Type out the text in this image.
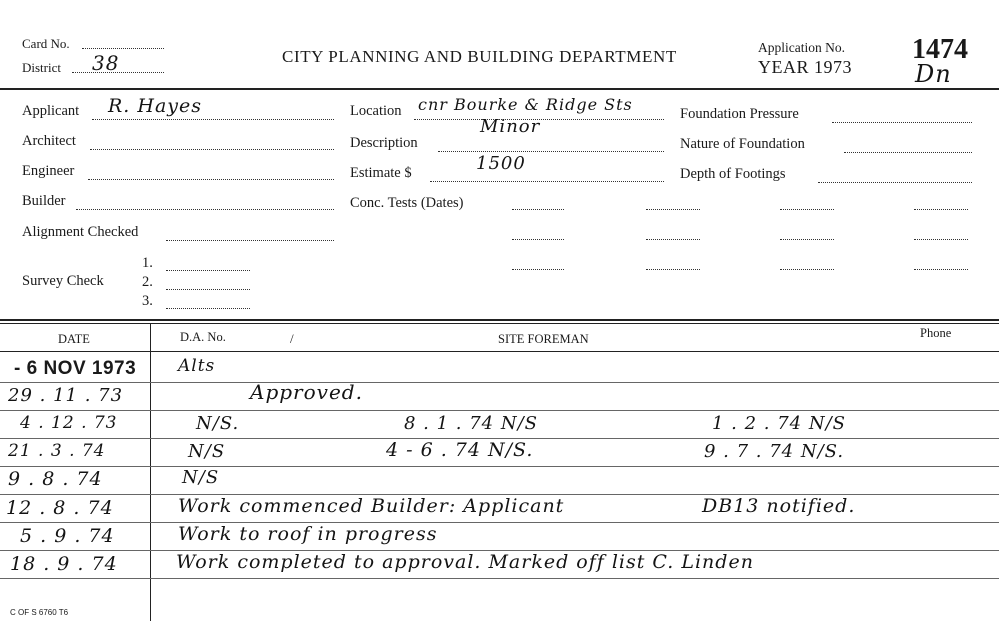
Card No.
District 38	CITY PLANNING AND BUILDING DEPARTMENT	Application No.
YEAR 1973
1474
Dn
Applicant R. Hayes
Architect
Engineer
Builder
Alignment Checked
Survey Check
1.
2.
3.
Location cnr Bourke & Ridge Sts
Description
Minor
Estimate $	1500
Conc. Tests (Dates)
Foundation Pressure
Nature of Foundation
Depth of Footings
DATE	D.A. No.	/	SITE FOREMAN	Phone
- 6 NOV 1973 Alts
29 . 11 . 73	Approved.
4 . 12 . 73	N/S.	8 . 1 . 74 N/S	1 . 2 . 74 N/S
21 . 3 . 74	N/S	4 - 6 . 74 N/S.	9 . 7 . 74 N/S.
9 . 8 . 74	N/S
12 . 8 . 74	Work commenced Builder: Applicant	DB13 notified.
5 . 9 . 74	Work to roof in progress
18 . 9 . 74	Work completed to approval. Marked off list C. Linden
C OF S 6760 T6
